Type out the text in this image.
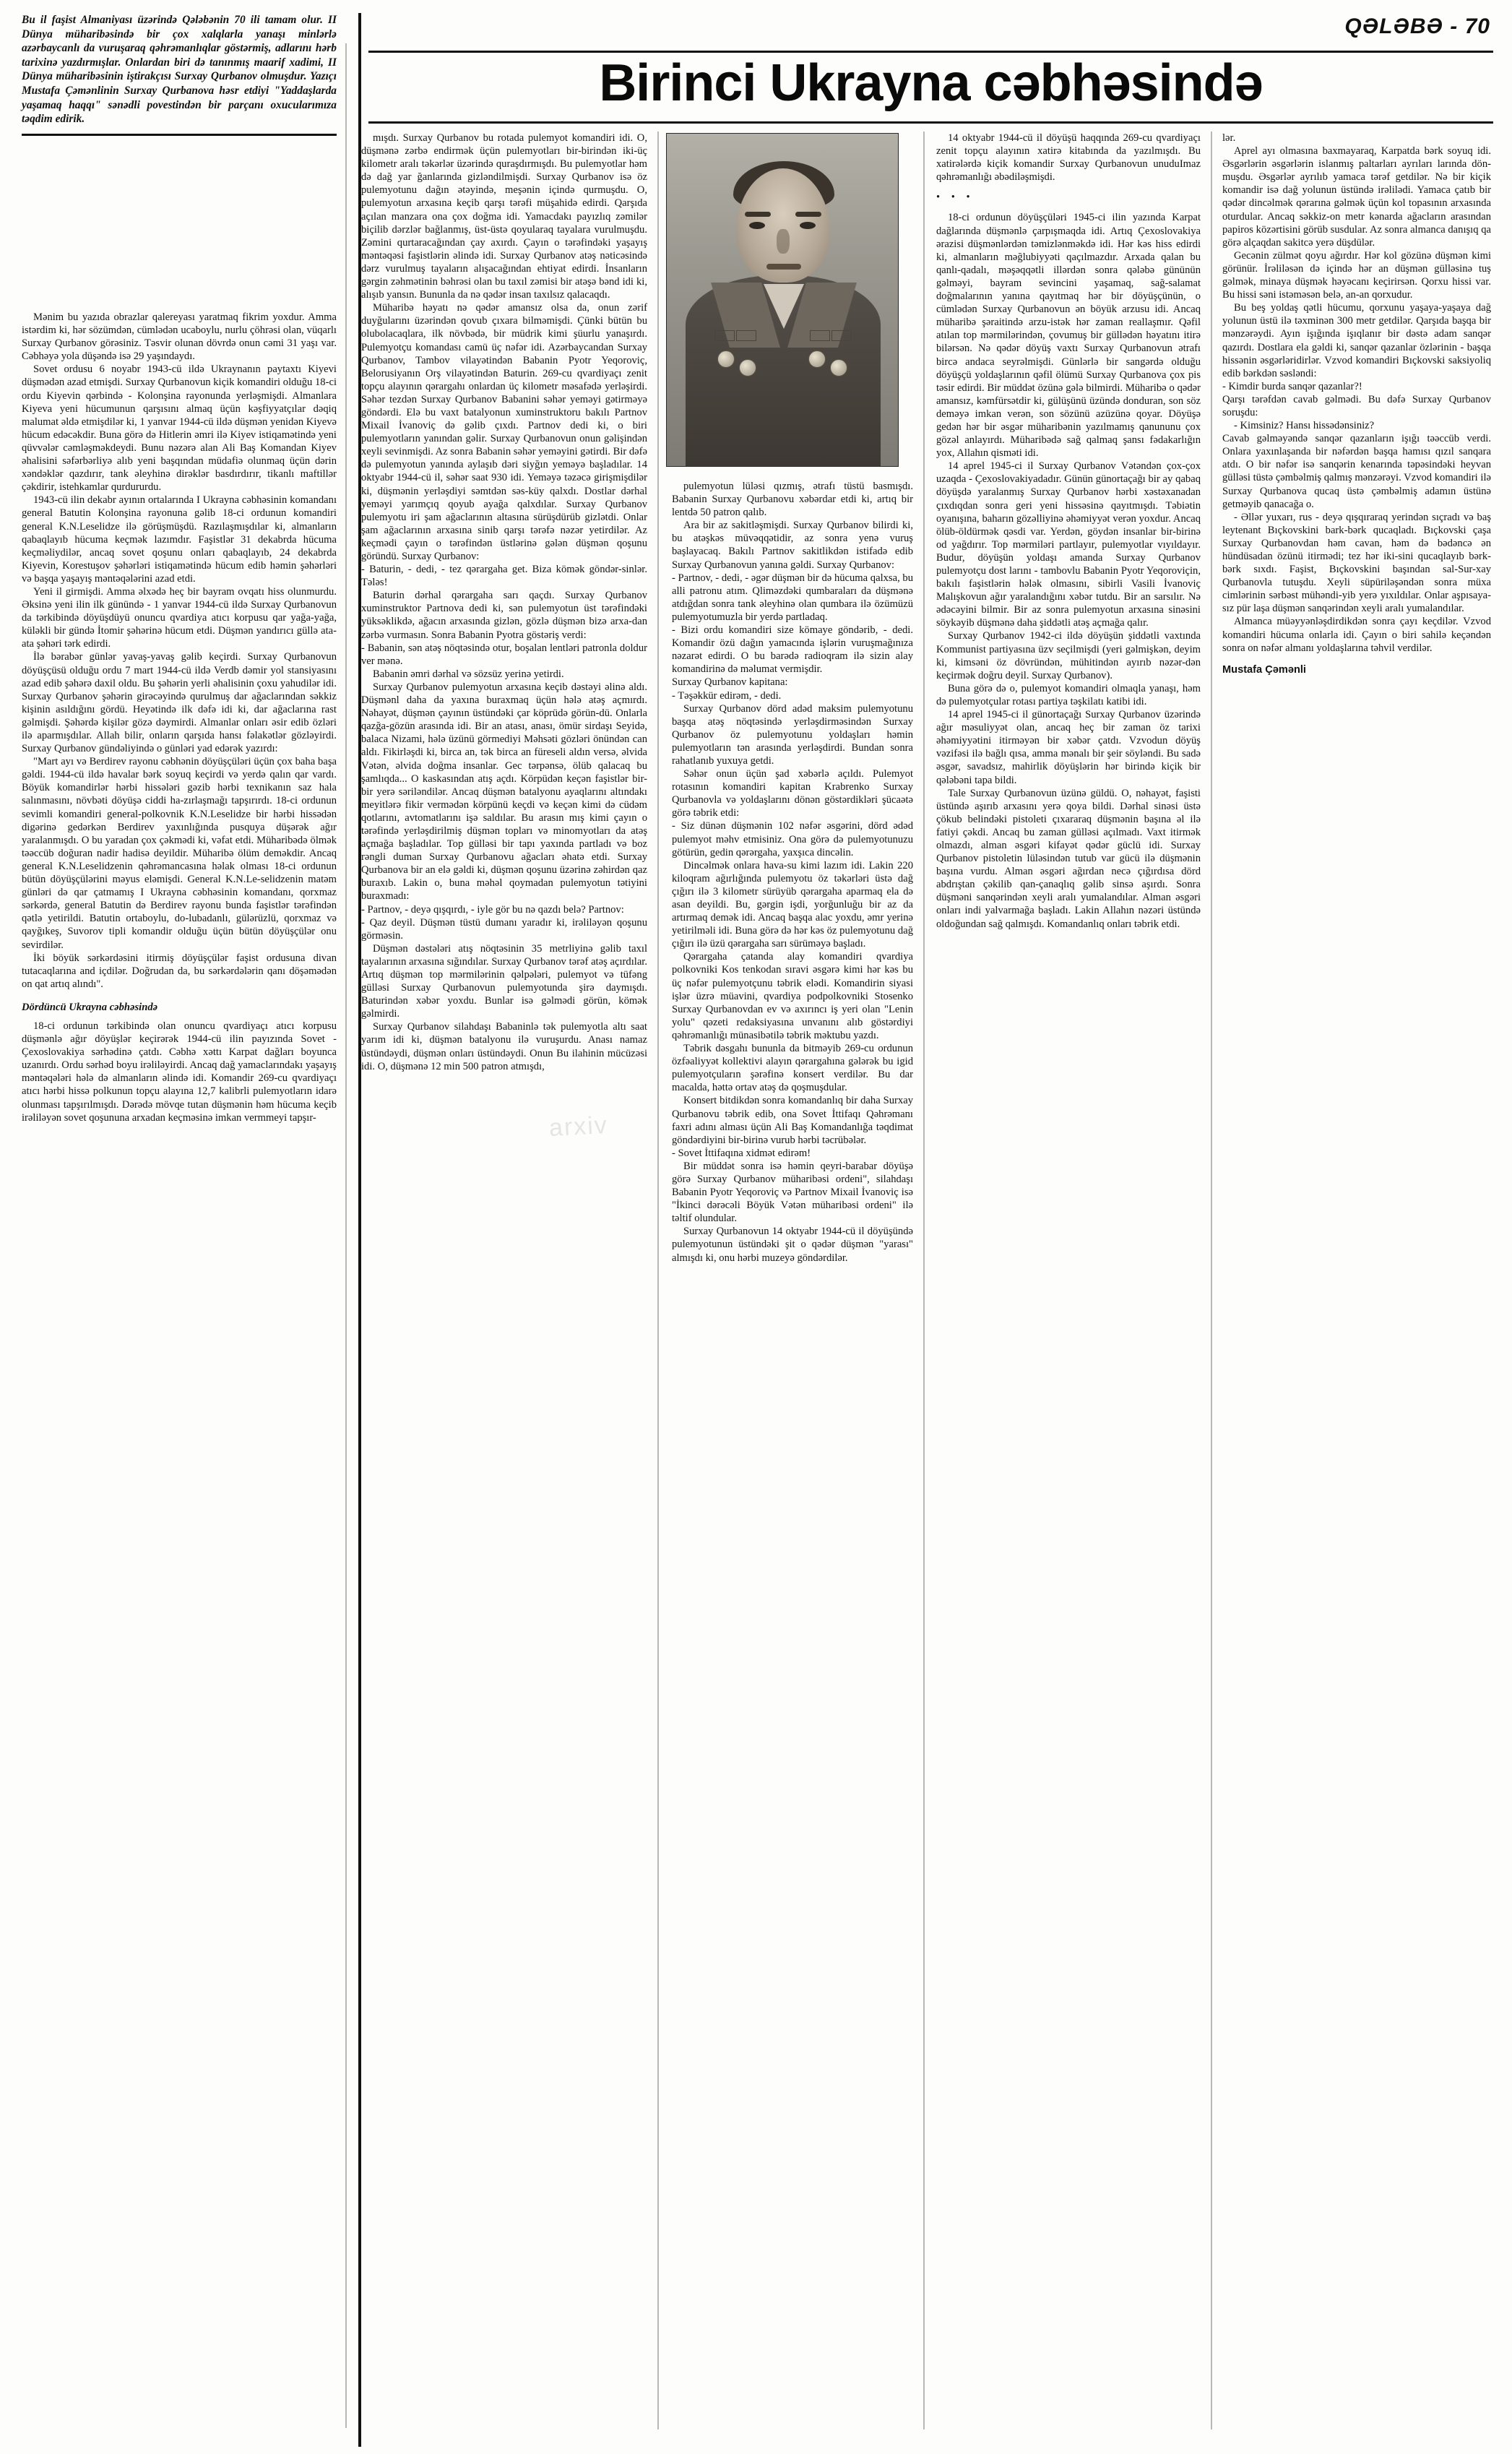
QƏLƏBƏ - 70
Birinci Ukrayna cəbhəsində

Bu il faşist Almaniyası üzərində Qələbənin 70 ili tamam olur. II Dünya müharibəsində bir çox xalqlarla yanaşı minlərlə azərbaycanlı da vuruşaraq qəhrəmanlıqlar göstərmiş, adlarını hərb tarixinə yazdırmışlar. Onlardan biri də tanınmış maarif xadimi, II Dünya müharibəsinin iştirakçısı Surxay Qurbanov olmuşdur. Yazıçı Mustafa Çəmənlinin Surxay Qurbanova həsr etdiyi "Yaddaşlarda yaşamaq haqqı" sənədli povestindən bir parçanı oxucularımıza təqdim edirik.

arxiv

Mənim bu yazıda obrazlar qalereyası yaratmaq fikrim yoxdur. Amma istərdim ki, hər sözümdən, cümlədən ucaboylu, nurlu çöhrəsi olan, vüqarlı Surxay Qurbanov görəsiniz. Təsvir olunan dövrdə onun cəmi 31 yaşı var. Cəbhəyə yola düşəndə isə 29 yaşındaydı.

Sovet ordusu 6 noyabr 1943-cü ildə Ukraynanın paytaxtı Kiyevi düşmədən azad etmişdi. Surxay Qurbanovun kiçik komandiri olduğu 18-ci ordu Kiyevin qərbində - Kolonşina rayonunda yerləşmişdi. Almanlara Kiyeva yeni hücumunun qarşısını almaq üçün kəşfiyyatçılar dəqiq malumat əldə etmişdilər ki, 1 yanvar 1944-cü ildə düşmən yenidən Kiyevə hücum edəcəkdir. Buna görə də Hitlerin əmri ilə Kiyev istiqamətində yeni qüvvələr cəmləşməkdeydi. Bunu nəzərə alan Ali Baş Komandan Kiyev əhalisini səfərbərliyə alıb yeni başqından müdafiə olunmaq üçün dərin xəndəklər qazdırır, tank əleyhinə dirəklər basdırdırır, tikanlı maftillər çəkdirir, istehkamlar qurdururdu.

1943-cü ilin dekabr ayının ortalarında I Ukrayna cəbhəsinin komandanı general Batutin Kolonşina rayonuna gəlib 18-ci ordunun komandiri general K.N.Leselidze ilə görüşmüşdü. Razılaşmışdılar ki, almanların qabaqlayıb hücuma keçmək lazımdır. Faşistlər 31 dekabrda hücuma keçməliydilər, ancaq sovet qoşunu onları qabaqlayıb, 24 dekabrda Kiyevin, Korestuşov şəhərləri istiqamətində hücum edib həmin şəhərləri və başqa yaşayış məntəqələrini azad etdi.

Yeni il girmişdi. Amma əlxədə heç bir bayram ovqatı hiss olunmurdu. Əksinə yeni ilin ilk günündə - 1 yanvar 1944-cü ildə Surxay Qurbanovun da tərkibində döyüşdüyü onuncu qvardiya atıcı korpusu qar yağa-yağa, küləkli bir gündə İtomir şəhərinə hücum etdi. Düşmən yandırıcı güllə ata-ata şəhəri tərk edirdi.

İlə bərabər günlər yavaş-yavaş gəlib keçirdi. Surxay Qurbanovun döyüşçüsü olduğu ordu 7 mart 1944-cü ildə Verdb dəmir yol stansiyasını azad edib şəhərə daxil oldu. Bu şəhərin yerli əhalisinin çoxu yahudilər idi. Surxay Qurbanov şəhərin girəcəyində qurulmuş dar ağaclarından səkkiz kişinin asıldığını gördü. Heyətində ilk dəfə idi ki, dar ağaclarına rast gəlmişdi. Şəhərdə kişilər gözə dəymirdi. Almanlar onları əsir edib özləri ilə aparmışdılar. Allah bilir, onların qarşıda hansı fəlakətlər gözləyirdi. Surxay Qurbanov gündəliyində o günləri yad edərək yazırdı:

"Mart ayı və Berdirev rayonu cəbhənin döyüşçüləri üçün çox baha başa gəldi. 1944-cü ildə havalar bərk soyuq keçirdi və yerdə qalın qar vardı. Böyük komandirlər hərbi hissələri gəzib hərbi texnikanın saz hala salınmasını, növbəti döyüşə ciddi ha-zırlaşmağı tapşırırdı. 18-ci ordunun sevimli komandiri general-polkovnik K.N.Leselidze bir hərbi hissədən digərinə gedərkən Berdirev yaxınlığında pusquya düşərək ağır yaralanmışdı. O bu yaradan çox çəkmədi ki, vəfat etdi. Müharibədə ölmək təəccüb doğuran nadir hadisə deyildir. Müharibə ölüm deməkdir. Ancaq general K.N.Leselidzenin qəhrəmancasına həlak olması 18-ci ordunun bütün döyüşçülərini məyus eləmişdi. General K.N.Le-selidzenin matəm günləri də qar çatmamış I Ukrayna cəbhəsinin komandanı, qorxmaz sərkərdə, general Batutin də Berdirev rayonu bunda faşistlər tərəfindən qətlə yetirildi. Batutin ortaboylu, do-lubadanlı, gülərüzlü, qorxmaz və qayğıkeş, Suvorov tipli komandir olduğu üçün bütün döyüşçülər onu sevirdilər.

İki böyük sərkərdəsini itirmiş döyüşçülər faşist ordusuna divan tutacaqlarına and içdilər. Doğrudan da, bu sərkərdələrin qanı döşəmədən on qat artıq alındı".

Dördüncü Ukrayna cəbhəsində

18-ci ordunun tərkibində olan onuncu qvardiyaçı atıcı korpusu düşmənlə ağır döyüşlər keçirərək 1944-cü ilin payızında Sovet - Çexoslovakiya sərhədinə çatdı. Cəbhə xəttı Karpat dağları boyunca uzanırdı. Ordu sərhəd boyu irəliləyirdi. Ancaq dağ yamaclarındakı yaşayış məntəqələri hələ də almanların əlində idi. Komandir 269-cu qvardiyaçı atıcı hərbi hissə polkunun topçu alayına 12,7 kalibrli pulemyotların idarə olunması tapşırılmışdı. Dərədə mövqe tutan düşmənin həm hücuma keçib irəliləyən sovet qoşununa arxadan keçməsinə imkan vermmeyi tapşır-

mışdı. Surxay Qurbanov bu rotada pulemyot komandiri idi. O, düşmənə zərbə endirmək üçün pulemyotları bir-birindən iki-üç kilometr aralı təkərlər üzərində quraşdırmışdı. Bu pulemyotlar həm də dağ yar ğanlarında gizləndilmişdi. Surxay Qurbanov isə öz pulemyotunu dağın ətəyində, meşənin içində qurmuşdu. O, pulemyotun arxasına keçib qarşı tərəfi müşahidə edirdi. Qarşıda açılan manzara ona çox doğma idi. Yamacdakı payızlıq zəmilər biçilib dərzlər bağlanmış, üst-üstə qoyularaq tayalara vurulmuşdu. Zəmini qurtaracağından çay axırdı. Çayın o tərəfindəki yaşayış məntəqəsi faşistlərin əlində idi. Surxay Qurbanov atəş nəticəsində dərz vurulmuş tayaların alışacağından ehtiyat edirdi. İnsanların gərgin zəhmətinin bəhrəsi olan bu taxıl zəmisi bir atəşə bənd idi ki, alışıb yansın. Bununla da nə qədər insan taxılsız qalacaqdı.

Müharibə həyatı nə qədər amansız olsa da, onun zərif duyğularını üzərindən qovub çıxara bilməmişdi. Çünki bütün bu olubolacaqlara, ilk növbədə, bir müdrik kimi şüurlu yanaşırdı. Pulemyotçu komandası camü üç nəfər idi. Azərbaycandan Surxay Qurbanov, Tambov vilayətindən Babanin Pyotr Yeqoroviç, Belorusiyanın Orş vilayətindən Baturin. 269-cu qvardiyaçı zenit topçu alayının qərargahı onlardan üç kilometr məsafədə yerləşirdi. Səhər tezdən Surxay Qurbanov Babanini səhər yeməyi gətirməyə göndərdi. Elə bu vaxt batalyonun xuminstruktoru bakılı Partnov Mixail İvanoviç də gəlib çıxdı. Partnov dedi ki, o biri pulemyotların yanından gəlir. Surxay Qurbanovun onun gəlişindən xeyli sevinmişdi. Az sonra Babanin səhər yeməyini gətirdi. Bir dəfə də pulemyotun yanında aylaşıb dəri siyğın yeməyə başladılar. 14 oktyabr 1944-cü il, səhər saat 930 idi. Yeməyə təzəcə girişmişdilər ki, düşmənin yerləşdiyi səmtdən səs-küy qalxdı. Dostlar dərhal yeməyi yarımçıq qoyub ayağa qalxdılar. Surxay Qurbanov pulemyotu iri şam ağaclarının altasına sürüşdürüb gizlətdi. Onlar şam ağaclarının arxasına sinib qarşı tərəfə nəzər yetirdilər. Az keçmədi çayın o tərəfindən üstlərinə gələn düşmən qoşunu göründü. Surxay Qurbanov:

- Baturin, - dedi, - tez qərargaha get. Biza kömək göndər-sinlər. Tələs!

Baturin dərhal qərargaha sarı qaçdı. Surxay Qurbanov xuminstruktor Partnova dedi ki, sən pulemyotun üst tərəfindəki yüksəklikdə, ağacın arxasında gizlən, gözlə düşmən bizə arxa-dan zərbə vurmasın. Sonra Babanin Pyotra göstəriş verdi:

- Babanin, sən atəş nöqtəsində otur, boşalan lentləri patronla doldur ver mənə.

Babanin əmri dərhal və sözsüz yerinə yetirdi.

Surxay Qurbanov pulemyotun arxasına keçib dəstəyi əlinə aldı. Düşmənl daha da yaxına buraxmaq üçün hələ atəş açmırdı. Nəhayət, düşmən çayının üstündəki çar köprüdə görün-dü. Onlarla qazğa-gözün arasında idi. Bir an atası, anası, ömür sirdaşı Seyidə, balaca Nizami, hələ üzünü görmediyi Məhsəti gözləri önündən can aldı. Fikirləşdi ki, birca an, tək birca an füreseli aldın versə, əlvida Vətən, əlvida doğma insanlar. Gec tərpənsə, ölüb qalacaq bu şamlıqda... O kaskasından atış açdı. Körpüdən keçən faşistlər bir-bir yerə səriləndilər. Ancaq düşmən batalyonu ayaqlarını altındakı meyitlərə fikir vermədən körpünü keçdi və keçən kimi də cüdəm qotlarını, avtomatlarını işə saldılar. Bu arasın mış kimi çayın o tərəfində yerləşdirilmiş düşmən topları və minomyotları da atəş açmağa başladılar. Top gülləsi bir tapı yaxında partladı və boz rəngli duman Surxay Qurbanovu ağacları əhatə etdi. Surxay Qurbanova bir an elə gəldi ki, düşmən qoşunu üzərinə zəhirdən qaz buraxıb. Lakin o, buna məhəl qoymadan pulemyotun tətiyini buraxmadı:

- Partnov, - deyə qışqırdı, - iyle gör bu nə qazdı belə? Partnov:

- Qaz deyil. Düşmən tüstü dumanı yaradır ki, irəliləyən qoşunu görməsin.

Düşmən dəstələri atış nöqtəsinin 35 metrliyinə gəlib taxıl tayalarının arxasına sığındılar. Surxay Qurbanov tərəf atəş açırdılar. Artıq düşmən top mərmilərinin qəlpələri, pulemyot və tüfəng gülləsi Surxay Qurbanovun pulemyotunda şirə daymışdı. Baturindən xəbər yoxdu. Bunlar isə gəlmədi görün, kömək gəlmirdi.

Surxay Qurbanov silahdaşı Babaninlə tək pulemyotla altı saat yarım idi ki, düşmən batalyonu ilə vuruşurdu. Anası namaz üstündəydi, düşmən onları üstündəydi. Onun Bu ilahinin mücüzəsi idi. O, düşmənə 12 min 500 patron atmışdı,

pulemyotun lüləsi qızmış, ətrafı tüstü basmışdı. Babanin Surxay Qurbanovu xəbərdar etdi ki, artıq bir lentdə 50 patron qalıb.

Ara bir az sakitləşmişdi. Surxay Qurbanov bilirdi ki, bu atəşkəs müvəqqətidir, az sonra yenə vuruş başlayacaq. Bakılı Partnov sakitlikdən istifadə edib Surxay Qurbanovun yanına gəldi. Surxay Qurbanov:

- Partnov, - dedi, - əgər düşmən bir də hücuma qalxsa, bu alli patronu atım. Qliməzdəki qumbaraları da düşmənə atdığdan sonra tank əleyhinə olan qumbara ilə özümüzü pulemyotumuzla bir yerdə partladaq.

- Bizi ordu komandiri size kömaye göndərib, - dedi. Komandir özü dağın yamacında işlərin vuruşmağınıza nəzarət edirdi. O bu barədə radioqram ilə sizin alay komandirinə də məlumat vermişdir.

Surxay Qurbanov kapitana:

- Təşəkkür edirəm, - dedi.

Surxay Qurbanov dörd adəd maksim pulemyotunu başqa atəş nöqtəsində yerləşdirməsindən Surxay Qurbanov öz pulemyotunu yoldaşları həmin pulemyotların tən arasında yerləşdirdi. Bundan sonra rahatlanıb yuxuya getdi.

Səhər onun üçün şad xəbərlə açıldı. Pulemyot rotasının komandiri kapitan Krabrenko Surxay Qurbanovla və yoldaşlarını dönən göstərdikləri şücaətə görə təbrik etdi:

- Siz dünən düşmənin 102 nəfər əsgərini, dörd ədəd pulemyot məhv etmisiniz. Ona görə də pulemyotunuzu götürün, gedin qərərgaha, yaxşıca dincəlin.

Dincəlmək onlara hava-su kimi lazım idi. Lakin 220 kiloqram ağırlığında pulemyotu öz təkərləri üstə dağ çığırı ilə 3 kilometr sürüyüb qərargaha aparmaq ela də asan deyildi. Bu, gərgin işdi, yorğunluğu bir az da artırmaq demək idi. Ancaq başqa alac yoxdu, əmr yerinə yetirilməli idi. Buna görə də hər kəs öz pulemyotunu dağ çığırı ilə üzü qərargaha sarı sürüməyə başladı.

Qərargaha çatanda alay komandiri qvardiya polkovniki Kos tenkodan sıravi əsgərə kimi hər kəs bu üç nəfər pulemyotçunu təbrik elədi. Komandirin siyasi işlər üzrə müavini, qvardiya podpolkovniki Stosenko Surxay Qurbanovdan ev və axırıncı iş yeri olan "Lenin yolu" qəzeti redaksiyasına unvanını alıb göstərdiyi qəhrəmanlığı münasibətilə təbrik məktubu yazdı.

Təbrik dəsgahı bununla da bitməyib 269-cu ordunun özfəaliyyət kollektivi alayın qərargahına gələrək bu igid pulemyotçuların şərəfinə konsert verdilər. Bu dar macalda, həttə ortav atəş də qoşmuşdular.

Konsert bitdikdən sonra komandanlıq bir daha Surxay Qurbanovu təbrik edib, ona Sovet İttifaqı Qəhrəmanı faxri adını alması üçün Ali Baş Komandanlığa təqdimat göndərdiyini bir-birinə vurub hərbi təcrübələr.

- Sovet İttifaqına xidmət edirəm!

Bir müddət sonra isə həmin qeyri-barabar döyüşə görə Surxay Qurbanov müharibəsi ordeni", silahdaşı Babanin Pyotr Yeqoroviç və Partnov Mixail İvanoviç isə "İkinci dərəcəli Böyük Vətən müharibəsi ordeni" ilə təltif olundular.

Surxay Qurbanovun 14 oktyabr 1944-cü il döyüşündə pulemyotunun üstündəki şit o qədər düşmən "yarası" almışdı ki, onu hərbi muzeyə göndərdilər.

14 oktyabr 1944-cü il döyüşü haqqında 269-cu qvardiyaçı zenit topçu alayının xatirə kitabında da yazılmışdı. Bu xatirələrdə kiçik komandir Surxay Qurbanovun unuduImaz qəhrəmanlığı əbədiləşmişdi.

• • •

18-ci ordunun döyüşçüləri 1945-ci ilin yazında Karpat dağlarında düşmənlə çarpışmaqda idi. Artıq Çexoslovakiya ərazisi düşmənlərdən təmizlənməkdə idi. Hər kəs hiss edirdi ki, almanların məğlubiyyəti qaçılmazdır. Arxada qalan bu qanlı-qadalı, məşəqqətli illərdən sonra qələbə gününün gəlməyi, bayram sevincini yaşamaq, sağ-salamat doğmalarının yanına qayıtmaq hər bir döyüşçünün, o cümlədən Surxay Qurbanovun ən böyük arzusu idi. Ancaq müharibə şəraitində arzu-istək hər zaman reallaşmır. Qəfil atılan top mərmilərindən, çovumuş bir güllədən həyatını itirə bilərsən. Nə qədər döyüş vaxtı Surxay Qurbanovun ətrafı bircə andaca seyrəlmişdi. Günlərlə bir sangərdə olduğu döyüşçü yoldaşlarının qəfil ölümü Surxay Qurbanova çox pis təsir edirdi. Bir müddət özünə gələ bilmirdi. Müharibə o qədər amansız, kəmfürsətdir ki, gülüşünü üzündə donduran, son söz deməyə imkan verən, son sözünü azüzünə qoyar. Döyüşə gedən hər bir əsgər müharibənin yazılmamış qanununu çox gözəl anlayırdı. Müharibədə sağ qalmaq şansı fədakarlığın yox, Allahın qisməti idi.

14 aprel 1945-ci il Surxay Qurbanov Vətəndən çox-çox uzaqda - Çexoslovakiyadadır. Günün günortaçağı bir ay qabaq döyüşdə yaralanmış Surxay Qurbanov hərbi xəstəxanadan çıxdıqdan sonra geri yeni hissəsinə qayıtmışdı. Təbiətin oyanışına, baharın gözəlliyinə əhəmiyyət verən yoxdur. Ancaq ölüb-öldürmək qəsdi var. Yerdən, göydən insanlar bir-birinə od yağdırır. Top mərmiləri partlayır, pulemyotlar vıyıldayır. Budur, döyüşün yoldaşı amanda Surxay Qurbanov pulemyotçu dost larını - tambovlu Babanin Pyotr Yeqoroviçin, bakılı faşistlərin hələk olmasını, sibirli Vasili İvanoviç Malışkovun ağır yaralandığını xəbər tutdu. Bir an sarsılır. Nə ədəcəyini bilmir. Bir az sonra pulemyotun arxasına sinəsini söykəyib düşmənə daha şiddətli atəş açmağa qalır.

Surxay Qurbanov 1942-ci ildə döyüşün şiddətli vaxtında Kommunist partiyasına üzv seçilmişdi (yeri gəlmişkən, deyim ki, kimsəni öz dövründən, mühitindən ayırıb nəzər-dən keçirmək doğru deyil. Surxay Qurbanov).

Buna görə də o, pulemyot komandiri olmaqla yanaşı, həm də pulemyotçular rotası partiya təşkilatı katibi idi.

14 aprel 1945-ci il günortaçağı Surxay Qurbanov üzərində ağır məsuliyyət olan, ancaq heç bir zaman öz tarixi əhəmiyyətini itirməyən bir xəbər çatdı. Vzvodun döyüş vəzifəsi ilə bağlı qısa, amma mənalı bir şeir söyləndi. Bu sadə əsgər, savadsız, mahirlik döyüşlərin hər birində kiçik bir qələbəni tapa bildi.

Tale Surxay Qurbanovun üzünə güldü. O, nəhayət, faşisti üstündə aşırıb arxasını yerə qoya bildi. Dərhal sinəsi üstə çökub belindəki pistoleti çıxararaq düşmənin başına əl ilə fatiyi çəkdi. Ancaq bu zaman gülləsi açılmadı. Vaxt itirmək olmazdı, alman əsgəri kifayət qədər güclü idi. Surxay Qurbanov pistoletin lüləsindən tutub var gücü ilə düşmənin başına vurdu. Alman əsgəri ağırdan necə çığırdısa dörd abdrıştan çəkilib qan-çanaqlıq gəlib sinsə aşırdı. Sonra düşməni sanqərindən xeyli aralı yumalandılar. Alman əsgəri onları indi yalvarmağa başladı. Lakin Allahın nəzəri üstündə oldoğundan sağ qalmışdı. Komandanlıq onları təbrik etdi.

lər.

Aprel ayı olmasına baxmayaraq, Karpatda bərk soyuq idi. Əsgərlərin əsgərlərin islanmış paltarları ayrıları larında dön-muşdu. Əsgərlər ayrılıb yamaca tərəf getdilər. Nə bir kiçik komandir isə dağ yolunun üstündə irəlilədi. Yamaca çatıb bir qədər dincəlmək qərarına gəlmək üçün kol topasının arxasında oturdular. Ancaq səkkiz-on metr kənarda ağacların arasından papiros közərtisini görüb susdular. Az sonra almanca danışıq qa görə alçaqdan sakitcə yerə düşdülər.

Gecənin zülmət qoyu ağırdır. Hər kol gözünə düşmən kimi görünür. İrəliləsən də içində hər an düşmən gülləsinə tuş gəlmək, minaya düşmək həyəcanı keçirirsən. Qorxu hissi var. Bu hissi səni istəməsən belə, an-an qorxudur.

Bu beş yoldaş qətli hücumu, qorxunu yaşaya-yaşaya dağ yolunun üstü ilə təxminən 300 metr getdilər. Qarşıda başqa bir mənzərəydi. Ayın işığında işıqlanır bir dəstə adam sanqər qazırdı. Dostlara ela gəldi ki, sanqər qazanlar özlərinin - başqa hissənin əsgərləridirlər. Vzvod komandiri Bıçkovski saksiyoliq edib bərkdən səsləndi:

- Kimdir burda sanqər qazanlar?!

Qarşı tərəfdən cavab gəlmədi. Bu dəfə Surxay Qurbanov soruşdu:

- Kimsiniz? Hansı hissədənsiniz?

Cavab gəlməyəndə sanqər qazanların işığı təəccüb verdi. Onlara yaxınlaşanda bir nəfərdən başqa hamısı qızıl sanqara atdı. O bir nəfər isə sanqərin kenarında təpəsindəki heyvan gülləsi tüstə çəmbəlmiş qalmış mənzərəyi. Vzvod komandiri ilə Surxay Qurbanova qucaq üstə çəmbəlmiş adamın üstünə getməyib qanacağa o.

- Əllər yuxarı, rus - deyə qışqıraraq yerindən sıçradı və baş leytenant Bıçkovskini bark-bərk qucaqladı. Bıçkovski çaşa Surxay Qurbanovdan həm cavan, həm də bədəncə ən hündüsadan özünü itirmədi; tez hər iki-sini qucaqlayıb bərk-bərk sıxdı. Faşist, Bıçkovskini başından sal-Sur-xay Qurbanovla tutuşdu. Xeyli süpüriləşəndən sonra müxa cimlərinin sərbəst mühəndi-yib yerə yıxıldılar. Onlar aşpısaya-sız pür laşa düşmən sanqərindən xeyli aralı yumalandılar.

Almanca müəyyənləşdirdikdən sonra çayı keçdilər. Vzvod komandiri hücuma onlarla idi. Çayın o biri sahilə keçəndən sonra on nəfər almanı yoldaşlarına təhvil verdilər.

Mustafa Çəmənli
